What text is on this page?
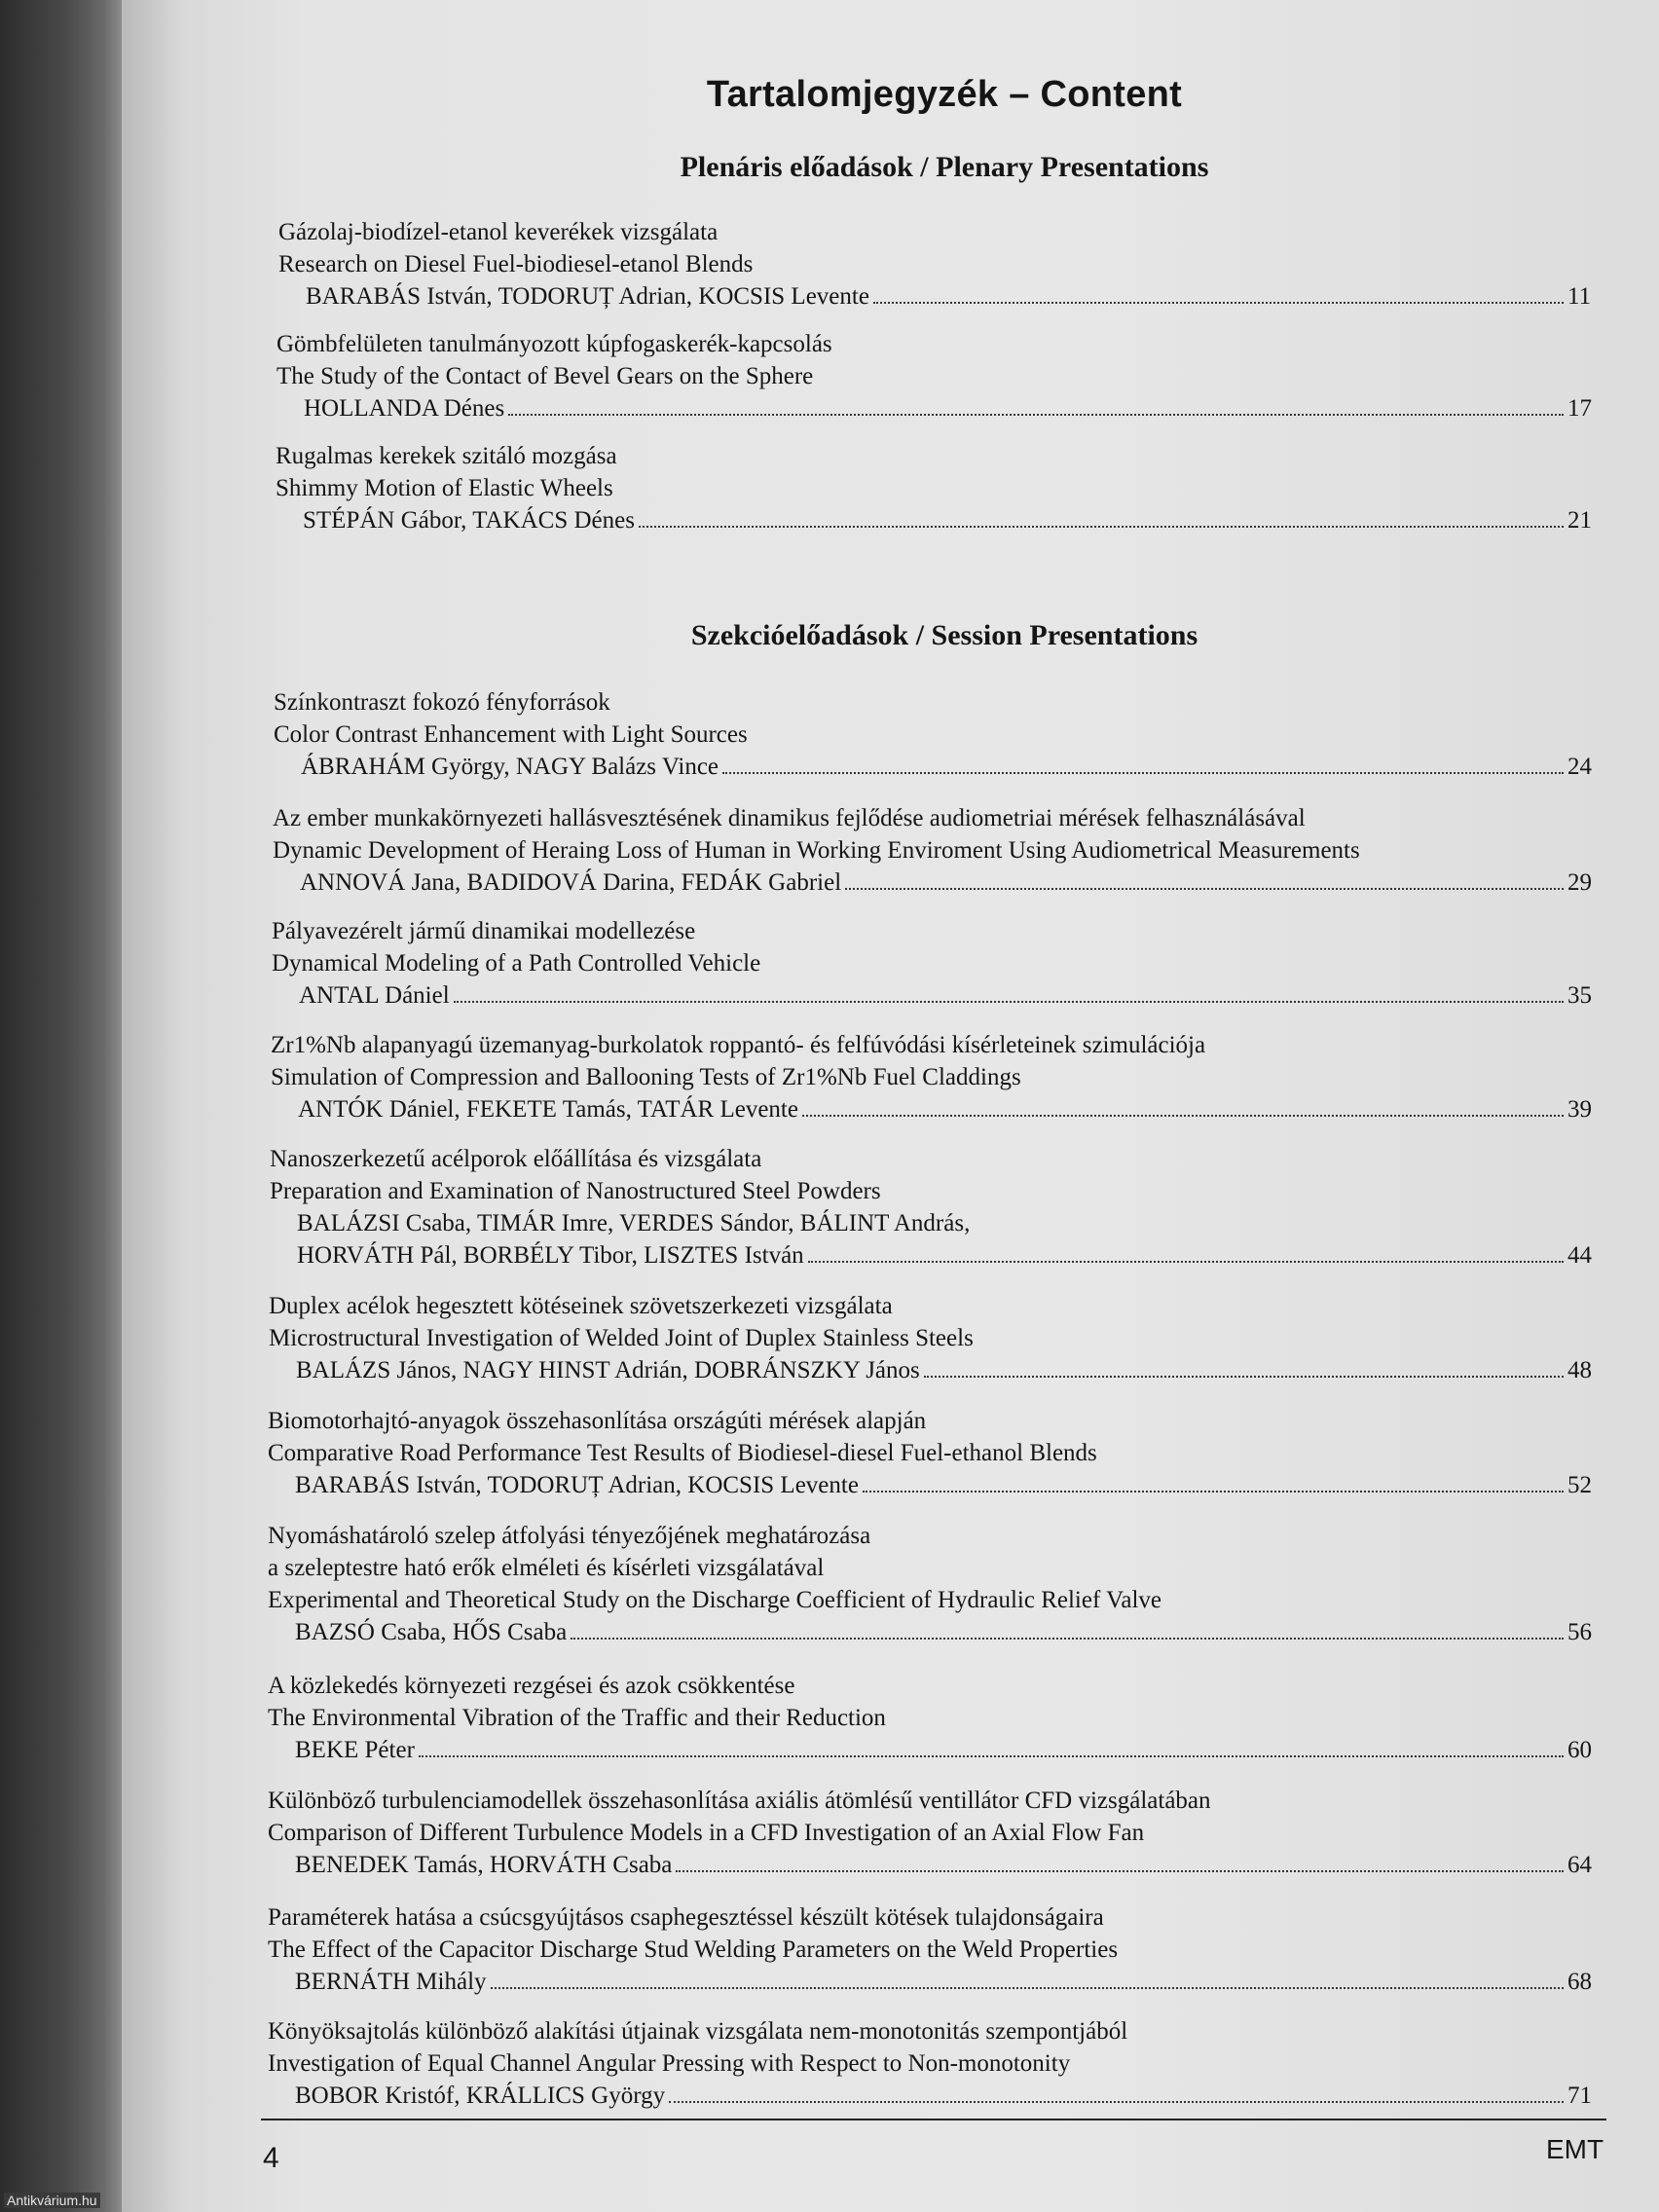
Tartalomjegyzék – Content
Plenáris előadások / Plenary Presentations
Gázolaj-biodízel-etanol keverékek vizsgálata
Research on Diesel Fuel-biodiesel-etanol Blends
BARABÁS István, TODORUȚ Adrian, KOCSIS Levente	11
Gömbfelületen tanulmányozott kúpfogaskerék-kapcsolás
The Study of the Contact of Bevel Gears on the Sphere
HOLLANDA Dénes	17
Rugalmas kerekek szitáló mozgása
Shimmy Motion of Elastic Wheels
STÉPÁN Gábor, TAKÁCS Dénes	21
Szekcióelőadások / Session Presentations
Színkontraszt fokozó fényforrások
Color Contrast Enhancement with Light Sources
ÁBRAHÁM György, NAGY Balázs Vince	24
Az ember munkakörnyezeti hallásvesztésének dinamikus fejlődése audiometriai mérések felhasználásával
Dynamic Development of Heraing Loss of Human in Working Enviroment Using Audiometrical Measurements
ANNOVÁ Jana, BADIDOVÁ Darina, FEDÁK Gabriel	29
Pályavezérelt jármű dinamikai modellezése
Dynamical Modeling of a Path Controlled Vehicle
ANTAL Dániel	35
Zr1%Nb alapanyagú üzemanyag-burkolatok roppantó- és felfúvódási kísérleteinek szimulációja
Simulation of Compression and Ballooning Tests of Zr1%Nb Fuel Claddings
ANTÓK Dániel, FEKETE Tamás, TATÁR Levente	39
Nanoszerkezetű acélporok előállítása és vizsgálata
Preparation and Examination of Nanostructured Steel Powders
BALÁZSI Csaba, TIMÁR Imre, VERDES Sándor, BÁLINT András,
HORVÁTH Pál, BORBÉLY Tibor, LISZTES István	44
Duplex acélok hegesztett kötéseinek szövetszerkezeti vizsgálata
Microstructural Investigation of Welded Joint of Duplex Stainless Steels
BALÁZS János, NAGY HINST Adrián, DOBRÁNSZKY János	48
Biomotorhajtó-anyagok összehasonlítása országúti mérések alapján
Comparative Road Performance Test Results of Biodiesel-diesel Fuel-ethanol Blends
BARABÁS István, TODORUȚ Adrian, KOCSIS Levente	52
Nyomáshatároló szelep átfolyási tényezőjének meghatározása
a szeleptestre ható erők elméleti és kísérleti vizsgálatával
Experimental and Theoretical Study on the Discharge Coefficient of Hydraulic Relief Valve
BAZSÓ Csaba, HŐS Csaba	56
A közlekedés környezeti rezgései és azok csökkentése
The Environmental Vibration of the Traffic and their Reduction
BEKE Péter	60
Különböző turbulenciamodellek összehasonlítása axiális átömlésű ventillátor CFD vizsgálatában
Comparison of Different Turbulence Models in a CFD Investigation of an Axial Flow Fan
BENEDEK Tamás, HORVÁTH Csaba	64
Paraméterek hatása a csúcsgyújtásos csaphegesztéssel készült kötések tulajdonságaira
The Effect of the Capacitor Discharge Stud Welding Parameters on the Weld Properties
BERNÁTH Mihály	68
Könyöksajtolás különböző alakítási útjainak vizsgálata nem-monotonitás szempontjából
Investigation of Equal Channel Angular Pressing with Respect to Non-monotonity
BOBOR Kristóf, KRÁLLICS György	71
4	EMT
Antikvárium.hu
